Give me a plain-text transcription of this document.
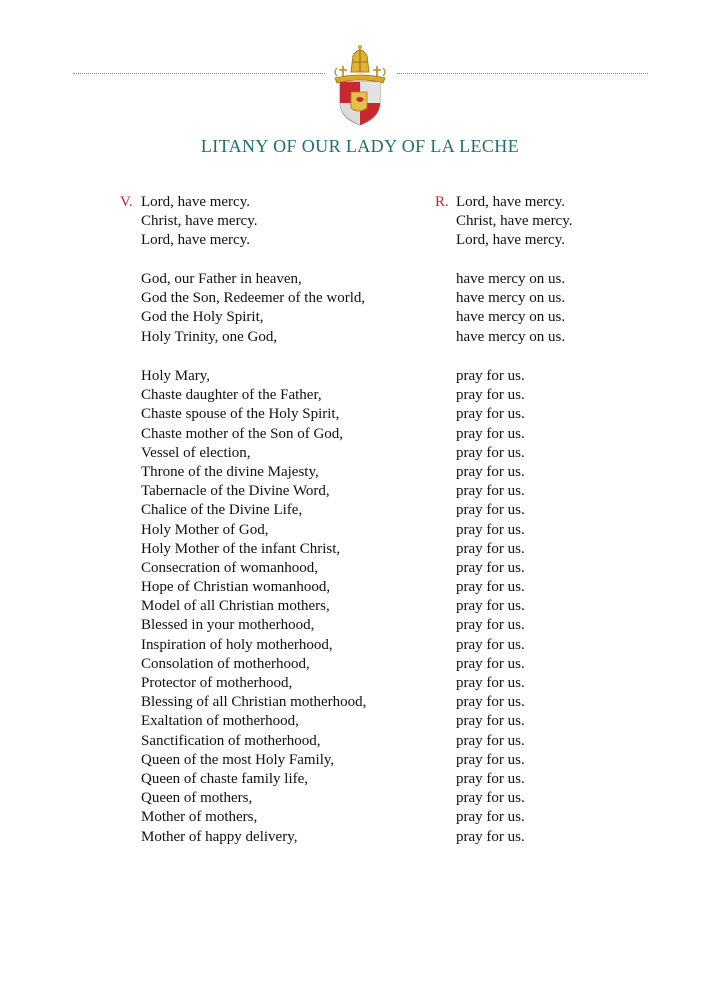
LITANY OF OUR LADY OF LA LECHE
V.	R.
Lord, have mercy.
Christ, have mercy.
Lord, have mercy.
Lord, have mercy.
Christ, have mercy.
Lord, have mercy.
God, our Father in heaven,
God the Son, Redeemer of the world,
God the Holy Spirit,
Holy Trinity, one God,
have mercy on us.
have mercy on us.
have mercy on us.
have mercy on us.
Holy Mary,
Chaste daughter of the Father,
Chaste spouse of the Holy Spirit,
Chaste mother of the Son of God,
Vessel of election,
Throne of the divine Majesty,
Tabernacle of the Divine Word,
Chalice of the Divine Life,
Holy Mother of God,
Holy Mother of the infant Christ,
Consecration of womanhood,
Hope of Christian womanhood,
Model of all Christian mothers,
Blessed in your motherhood,
Inspiration of holy motherhood,
Consolation of motherhood,
Protector of motherhood,
Blessing of all Christian motherhood,
Exaltation of motherhood,
Sanctification of motherhood,
Queen of the most Holy Family,
Queen of chaste family life,
Queen of mothers,
Mother of mothers,
Mother of happy delivery,
pray for us.
pray for us.
pray for us.
pray for us.
pray for us.
pray for us.
pray for us.
pray for us.
pray for us.
pray for us.
pray for us.
pray for us.
pray for us.
pray for us.
pray for us.
pray for us.
pray for us.
pray for us.
pray for us.
pray for us.
pray for us.
pray for us.
pray for us.
pray for us.
pray for us.
